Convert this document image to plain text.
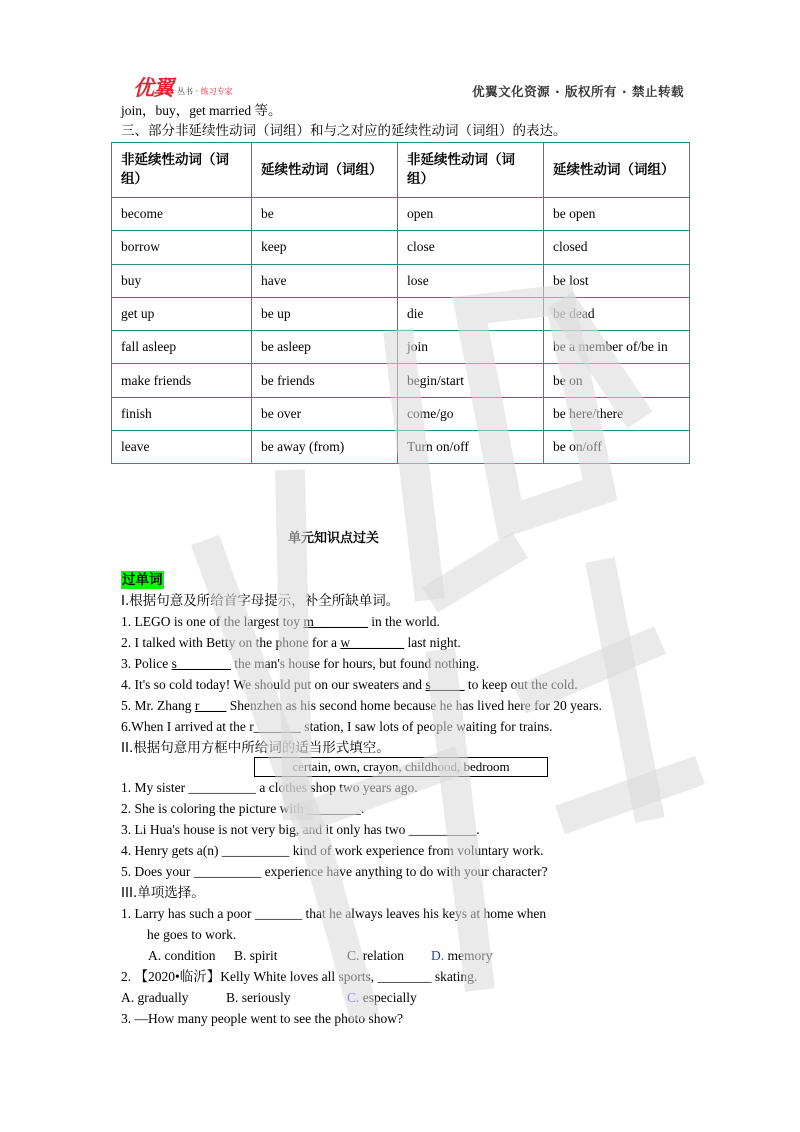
优翼 丛书 · 练习专家	优翼文化资源 · 版权所有 · 禁止转载
join，buy，get married 等。
三、部分非延续性动词（词组）和与之对应的延续性动词（词组）的表达。
非延续性动词（词组）	延续性动词（词组）	非延续性动词（词组）	延续性动词（词组）
become	be	open	be open
borrow	keep	close	closed
buy	have	lose	be lost
get up	be up	die	be dead
fall asleep	be asleep	join	be a member of/be in
make friends	be friends	begin/start	be on
finish	be over	come/go	be here/there
leave	be away (from)	Turn on/off	be on/off
单元知识点过关
过单词
I.根据句意及所给首字母提示，补全所缺单词。
1. LEGO is one of the largest toy m________ in the world.
2. I talked with Betty on the phone for a w________ last night.
3. Police s________ the man's house for hours, but found nothing.
4. It's so cold today! We should put on our sweaters and s_____ to keep out the cold.
5. Mr. Zhang r____ Shenzhen as his second home because he has lived here for 20 years.
6.When I arrived at the r_______ station, I saw lots of people waiting for trains.
II.根据句意用方框中所给词的适当形式填空。
certain, own, crayon, childhood, bedroom
1. My sister __________ a clothes shop two years ago.
2. She is coloring the picture with ________.
3. Li Hua's house is not very big, and it only has two __________.
4. Henry gets a(n) __________ kind of work experience from voluntary work.
5. Does your __________ experience have anything to do with your character?
III.单项选择。
1. Larry has such a poor _______ that he always leaves his keys at home when
he goes to work.
A. condition B. spirit	C. relation D. memory
2. 【2020•临沂】Kelly White loves all sports, ________ skating.
A. gradually	B. seriously	C. especially
3. —How many people went to see the photo show?
